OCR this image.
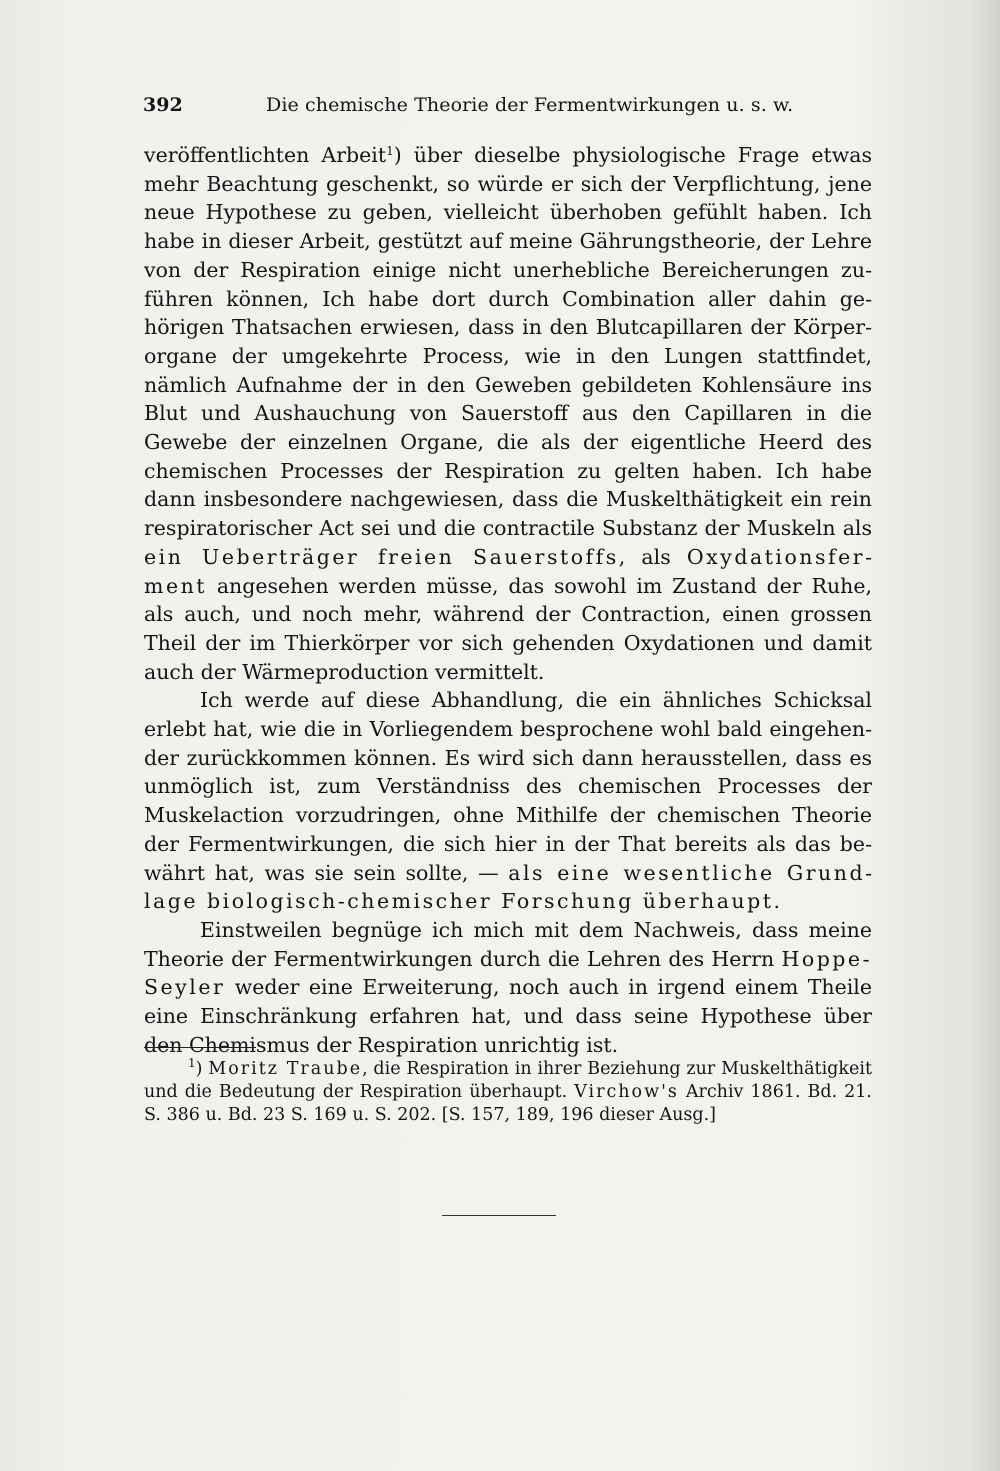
392	Die chemische Theorie der Fermentwirkungen u. s. w.

veröffentlichten Arbeit$^1$) über dieselbe physiologische Frage etwas mehr Beachtung geschenkt, so würde er sich der Verpflichtung, jene neue Hypothese zu geben, vielleicht überhoben gefühlt haben. Ich habe in dieser Arbeit, gestützt auf meine Gährungstheorie, der Lehre von der Respiration einige nicht unerhebliche Bereicherungen zuführen können, Ich habe dort durch Combination aller dahin gehörigen Thatsachen erwiesen, dass in den Blutcapillaren der Körperorgane der umgekehrte Process, wie in den Lungen stattfindet, nämlich Aufnahme der in den Geweben gebildeten Kohlensäure ins Blut und Aushauchung von Sauerstoff aus den Capillaren in die Gewebe der einzelnen Organe, die als der eigentliche Heerd des chemischen Processes der Respiration zu gelten haben. Ich habe dann insbesondere nachgewiesen, dass die Muskelthätigkeit ein rein respiratorischer Act sei und die contractile Substanz der Muskeln als ein Ueberträger freien Sauerstoffs, als Oxydationsferment angesehen werden müsse, das sowohl im Zustand der Ruhe, als auch, und noch mehr, während der Contraction, einen grossen Theil der im Thierkörper vor sich gehenden Oxydationen und damit auch der Wärmeproduction vermittelt.

Ich werde auf diese Abhandlung, die ein ähnliches Schicksal erlebt hat, wie die in Vorliegendem besprochene wohl bald eingehender zurückkommen können. Es wird sich dann herausstellen, dass es unmöglich ist, zum Verständniss des chemischen Processes der Muskelaction vorzudringen, ohne Mithilfe der chemischen Theorie der Fermentwirkungen, die sich hier in der That bereits als das bewährt hat, was sie sein sollte, — als eine wesentliche Grundlage biologisch-chemischer Forschung überhaupt.

Einstweilen begnüge ich mich mit dem Nachweis, dass meine Theorie der Fermentwirkungen durch die Lehren des Herrn Hoppe-Seyler weder eine Erweiterung, noch auch in irgend einem Theile eine Einschränkung erfahren hat, und dass seine Hypothese über den Chemismus der Respiration unrichtig ist.

$^1$) Moritz Traube, die Respiration in ihrer Beziehung zur Muskelthätigkeit und die Bedeutung der Respiration überhaupt. Virchow's Archiv 1861. Bd. 21. S. 386 u. Bd. 23 S. 169 u. S. 202. [S. 157, 189, 196 dieser Ausg.]
